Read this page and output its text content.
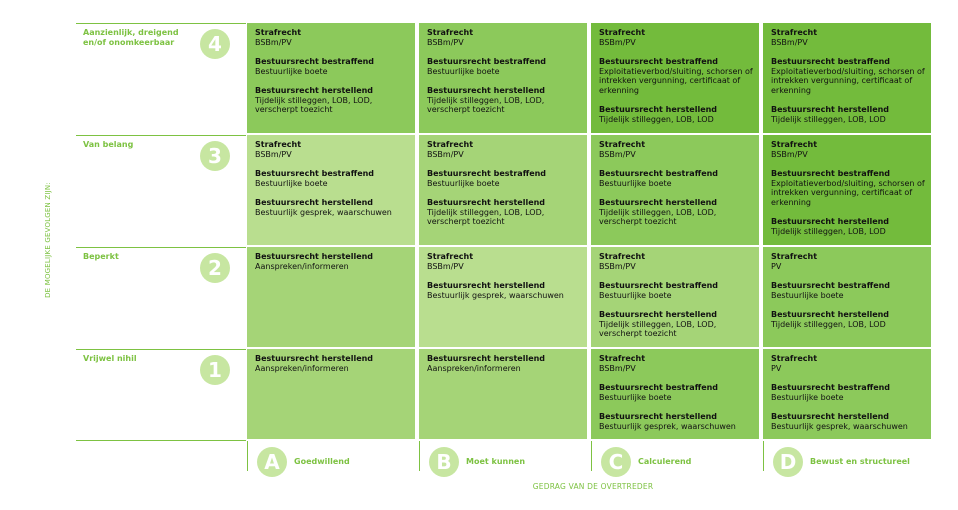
DE MOGELIJKE GEVOLGEN ZIJN:
Aanzienlijk, dreigend en/of onomkeerbaar	4	Strafrecht
BSBm/PV
Bestuursrecht bestraffend
Bestuurlijke boete
Bestuursrecht herstellend
Tijdelijk stilleggen, LOB, LOD, verscherpt toezicht
Strafrecht
BSBm/PV
Bestuursrecht bestraffend
Bestuurlijke boete
Bestuursrecht herstellend
Tijdelijk stilleggen, LOB, LOD, verscherpt toezicht
Strafrecht
BSBm/PV
Bestuursrecht bestraffend
Exploitatieverbod/sluiting, schorsen of intrekken vergunning, certificaat of erkenning
Bestuursrecht herstellend
Tijdelijk stilleggen, LOB, LOD
Strafrecht
BSBm/PV
Bestuursrecht bestraffend
Exploitatieverbod/sluiting, schorsen of intrekken vergunning, certificaat of erkenning
Bestuursrecht herstellend
Tijdelijk stilleggen, LOB, LOD
Van belang	3	Strafrecht
BSBm/PV
Bestuursrecht bestraffend
Bestuurlijke boete
Bestuursrecht herstellend
Bestuurlijk gesprek, waarschuwen
Strafrecht
BSBm/PV
Bestuursrecht bestraffend
Bestuurlijke boete
Bestuursrecht herstellend
Tijdelijk stilleggen, LOB, LOD, verscherpt toezicht
Strafrecht
BSBm/PV
Bestuursrecht bestraffend
Bestuurlijke boete
Bestuursrecht herstellend
Tijdelijk stilleggen, LOB, LOD, verscherpt toezicht
Strafrecht
BSBm/PV
Bestuursrecht bestraffend
Exploitatieverbod/sluiting, schorsen of intrekken vergunning, certificaat of erkenning
Bestuursrecht herstellend
Tijdelijk stilleggen, LOB, LOD
Beperkt	2	Bestuursrecht herstellend
Aanspreken/informeren
Strafrecht
BSBm/PV
Bestuursrecht herstellend
Bestuurlijk gesprek, waarschuwen
Strafrecht
BSBm/PV
Bestuursrecht bestraffend
Bestuurlijke boete
Bestuursrecht herstellend
Tijdelijk stilleggen, LOB, LOD, verscherpt toezicht
Strafrecht
PV
Bestuursrecht bestraffend
Bestuurlijke boete
Bestuursrecht herstellend
Tijdelijk stilleggen, LOB, LOD
Vrijwel nihil	1	Bestuursrecht herstellend
Aanspreken/informeren
Bestuursrecht herstellend
Aanspreken/informeren
Strafrecht
BSBm/PV
Bestuursrecht bestraffend
Bestuurlijke boete
Bestuursrecht herstellend
Bestuurlijk gesprek, waarschuwen
Strafrecht
PV
Bestuursrecht bestraffend
Bestuurlijke boete
Bestuursrecht herstellend
Bestuurlijk gesprek, waarschuwen
A	Goedwillend	B	Moet kunnen	C	Calculerend	D	Bewust en structureel
GEDRAG VAN DE OVERTREDER
